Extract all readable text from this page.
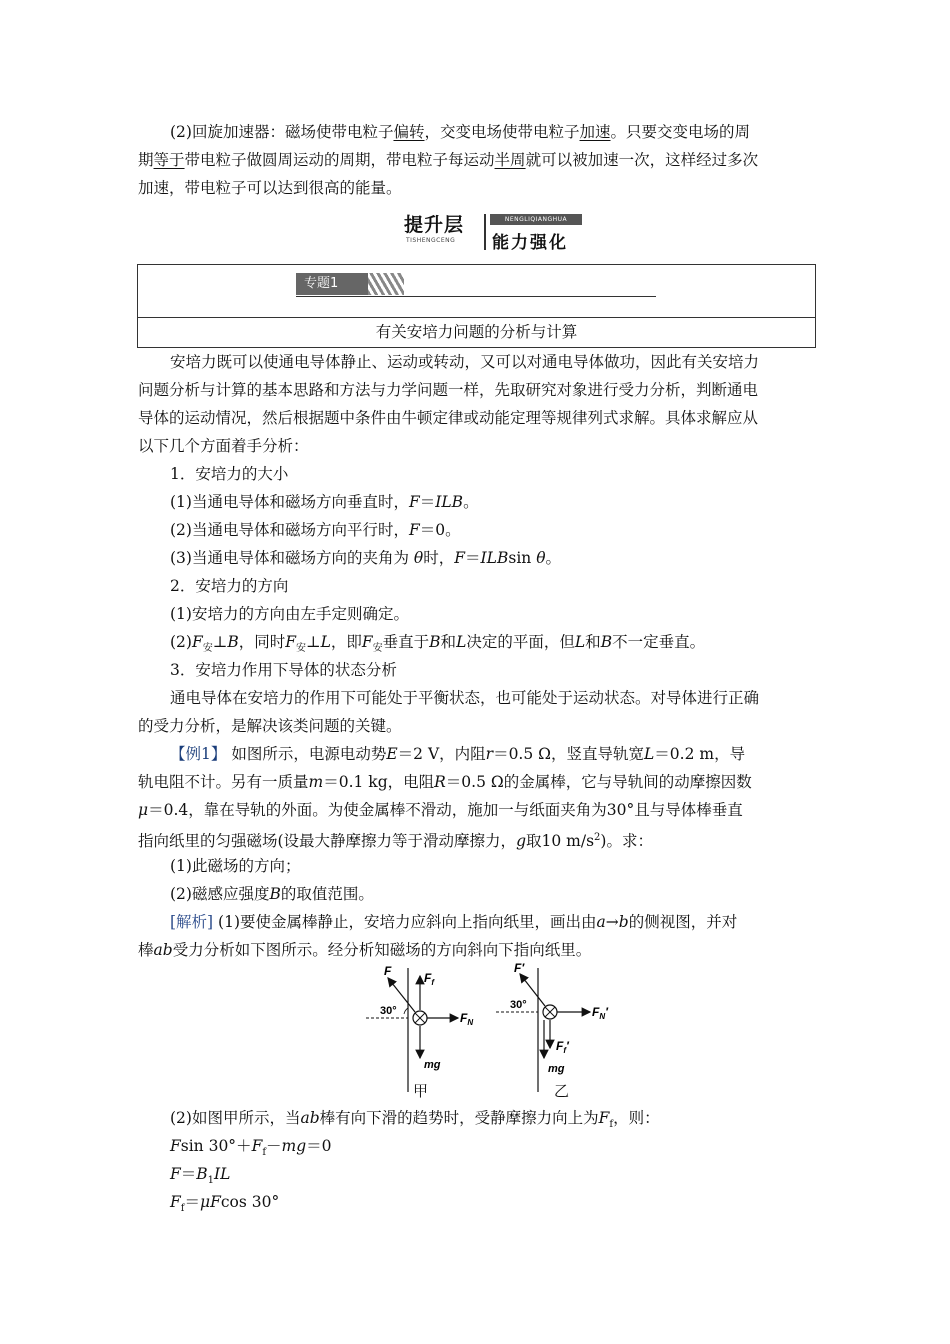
(2)回旋加速器：磁场使带电粒子偏转，交变电场使带电粒子加速。只要交变电场的周
期等于带电粒子做圆周运动的周期，带电粒子每运动半周就可以被加速一次，这样经过多次
加速，带电粒子可以达到很高的能量。
提升层
TISHENGCENG
NENGLIQIANGHUA
能力强化
专题1
有关安培力问题的分析与计算
安培力既可以使通电导体静止、运动或转动，又可以对通电导体做功，因此有关安培力
问题分析与计算的基本思路和方法与力学问题一样，先取研究对象进行受力分析，判断通电
导体的运动情况，然后根据题中条件由牛顿定律或动能定理等规律列式求解。具体求解应从
以下几个方面着手分析：
1．安培力的大小
(1)当通电导体和磁场方向垂直时，F＝ILB。
(2)当通电导体和磁场方向平行时，F＝0。
(3)当通电导体和磁场方向的夹角为 θ时，F＝ILBsin θ。
2．安培力的方向
(1)安培力的方向由左手定则确定。
$(2)F_安\perp B$，同时$F_安\perp L$，即$F_安$垂直于B和L决定的平面，但L和B不一定垂直。
3．安培力作用下导体的状态分析
通电导体在安培力的作用下可能处于平衡状态，也可能处于运动状态。对导体进行正确
的受力分析，是解决该类问题的关键。
【例1】 如图所示，电源电动势E＝2 V，内阻r＝0.5 Ω，竖直导轨宽L＝0.2 m，导
轨电阻不计。另有一质量m＝0.1 kg，电阻R＝0.5 Ω的金属棒，它与导轨间的动摩擦因数
μ＝0.4，靠在导轨的外面。为使金属棒不滑动，施加一与纸面夹角为30°且与导体棒垂直
指向纸里的匀强磁场(设最大静摩擦力等于滑动摩擦力，g取10 $m/s^2$)。求：
(1)此磁场的方向；
(2)磁感应强度B的取值范围。
[解析] (1)要使金属棒静止，安培力应斜向上指向纸里，画出由a→b的侧视图，并对
棒ab受力分析如下图所示。经分析知磁场的方向斜向下指向纸里。
F	$F_f$
30°	$F_N$
mg
F′
30°	$F_N'$
$F_f'$
mg
甲	乙
(2)如图甲所示，当ab棒有向下滑的趋势时，受静摩擦力向上为$F_f$，则：
Fsin $30^\circ+F_f-mg=0$
$F=B_1IL$
$F_f=\mu Fcos$ 30°
